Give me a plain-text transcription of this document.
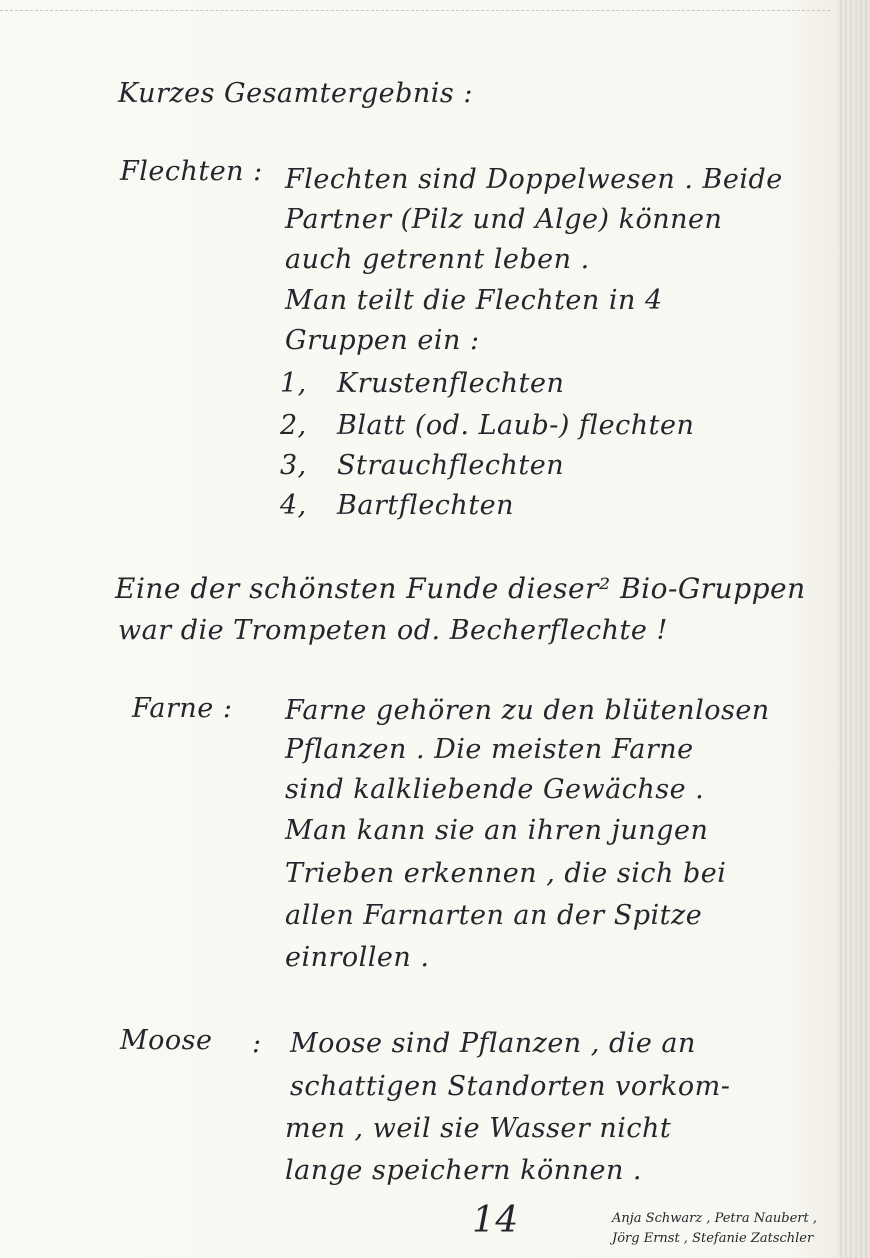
Kurzes Gesamtergebnis :
Flechten : Flechten sind Doppelwesen . Beide
Partner (Pilz und Alge) können
auch getrennt leben .
Man teilt die Flechten in 4
Gruppen ein :
1, Krustenflechten
2, Blatt (od. Laub-) flechten
3, Strauchflechten
4, Bartflechten
Eine der schönsten Funde dieser² Bio-Gruppen
war die Trompeten od. Becherflechte !
Farne : Farne gehören zu den blütenlosen
Pflanzen . Die meisten Farne
sind kalkliebende Gewächse .
Man kann sie an ihren jungen
Trieben erkennen , die sich bei
allen Farnarten an der Spitze
einrollen .
Moose : Moose sind Pflanzen , die an
schattigen Standorten vorkom-
men , weil sie Wasser nicht
lange speichern können .
14	Anja Schwarz , Petra Naubert ,
Jörg Ernst , Stefanie Zatschler
